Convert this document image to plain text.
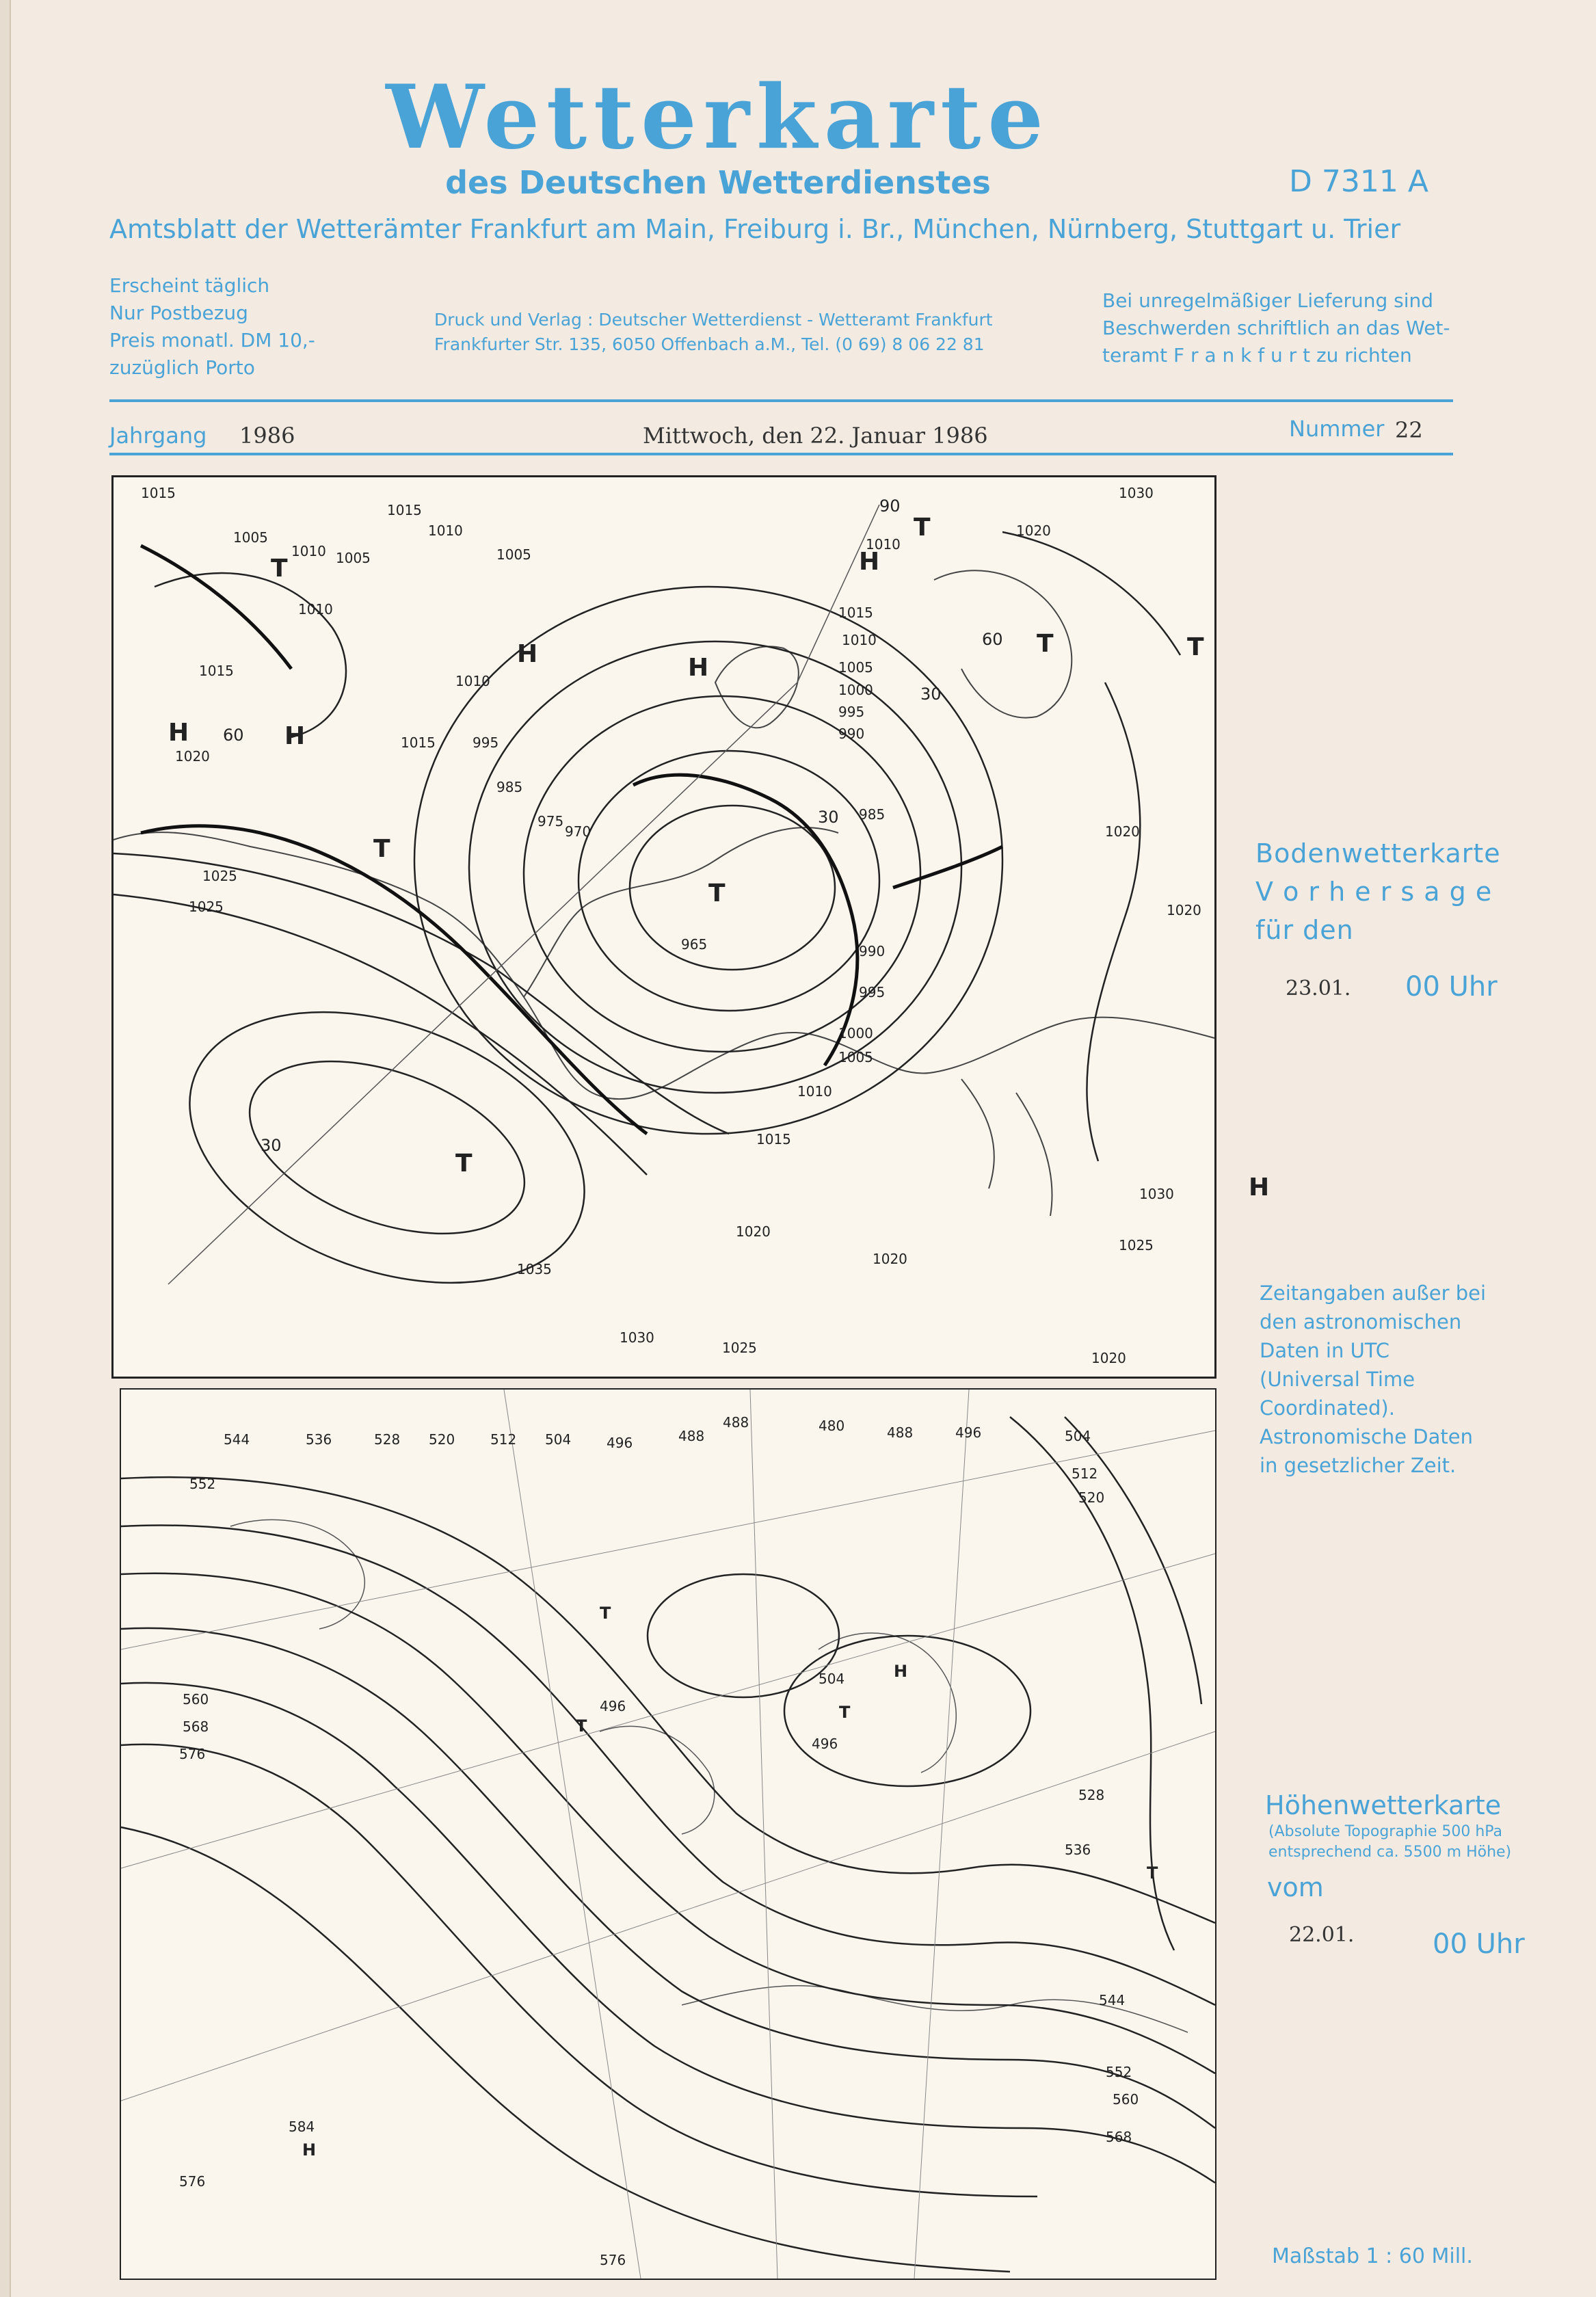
Wetterkarte
des Deutschen Wetterdienstes	D 7311 A
Amtsblatt der Wetterämter Frankfurt am Main, Freiburg i. Br., München, Nürnberg, Stuttgart u. Trier
Erscheint täglich
Nur Postbezug
Preis monatl. DM 10,-
zuzüglich Porto
Druck und Verlag : Deutscher Wetterdienst - Wetteramt Frankfurt
Frankfurter Str. 135, 6050 Offenbach a.M., Tel. (0 69) 8 06 22 81
Bei unregelmäßiger Lieferung sind
Beschwerden schriftlich an das Wet-
teramt F r a n k f u r t zu richten
Jahrgang 1986	Mittwoch, den 22. Januar 1986	Nummer 22
1015
1005
1010 1005
1015
1010
1005
1010
1030
1020
1010	1015
1010
1005
1000
995
990
1010
1015
1020
995
985
975
970
965
985
990
995
1000
1005
1010
1015
1020
1025	1020
1025
1020
1030
1025
1035
1030
1025
1020
1020
1015
H	H
H	H
H
H
T
T
T
T	T
T
T
90
60
30
30
60
30
544	536	528 520	512 504	496	488
488	480	488	496	504
512
520
552
560
568
576
584
576
496
504
496
528
536
544
552
560
568
576
H
H
T
T
T
T
Bodenwetterkarte
V o r h e r s a g e
für den
23.01. 00 Uhr
Zeitangaben außer bei
den astronomischen
Daten in UTC
(Universal Time
Coordinated).
Astronomische Daten
in gesetzlicher Zeit.
Höhenwetterkarte
(Absolute Topographie 500 hPa
entsprechend ca. 5500 m Höhe)
vom
22.01.	00 Uhr
Maßstab 1 : 60 Mill.
